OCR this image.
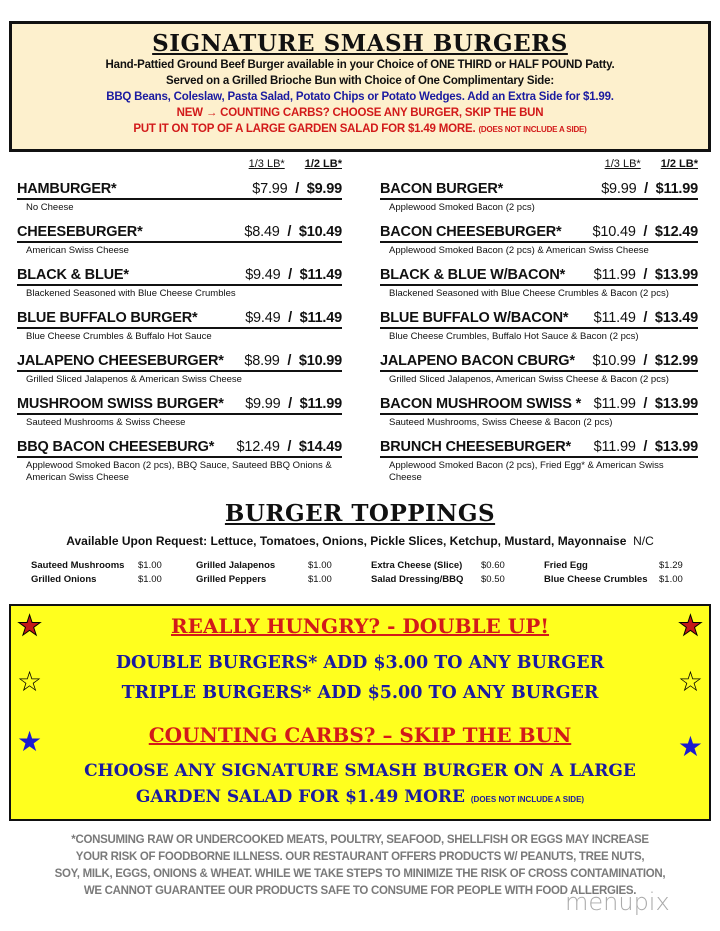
SIGNATURE SMASH BURGERS
Hand-Pattied Ground Beef Burger available in your Choice of ONE THIRD or HALF POUND Patty.
Served on a Grilled Brioche Bun with Choice of One Complimentary Side:
BBQ Beans, Coleslaw, Pasta Salad, Potato Chips or Potato Wedges. Add an Extra Side for $1.99.
NEW → COUNTING CARBS? CHOOSE ANY BURGER, SKIP THE BUN
PUT IT ON TOP OF A LARGE GARDEN SALAD FOR $1.49 MORE. (DOES NOT INCLUDE A SIDE)
1/3 LB* 1/2 LB*
HAMBURGER*	$7.99  /  $9.99
No Cheese
CHEESEBURGER*	$8.49  /  $10.49
American Swiss Cheese
BLACK & BLUE*	$9.49  /  $11.49
Blackened Seasoned with Blue Cheese Crumbles
BLUE BUFFALO BURGER*	$9.49  /  $11.49
Blue Cheese Crumbles & Buffalo Hot Sauce
JALAPENO CHEESEBURGER* $8.99  /  $10.99
Grilled Sliced Jalapenos & American Swiss Cheese
MUSHROOM SWISS BURGER* $9.99  /  $11.99
Sauteed Mushrooms & Swiss Cheese
BBQ BACON CHEESEBURG* $12.49  /  $14.49
Applewood Smoked Bacon (2 pcs), BBQ Sauce, Sauteed BBQ Onions & American Swiss Cheese
1/3 LB* 1/2 LB*
BACON BURGER*	$9.99  /  $11.99
Applewood Smoked Bacon (2 pcs)
BACON CHEESEBURGER* $10.49  /  $12.49
Applewood Smoked Bacon (2 pcs) & American Swiss Cheese
BLACK & BLUE W/BACON* $11.99  /  $13.99
Blackened Seasoned with Blue Cheese Crumbles & Bacon (2 pcs)
BLUE BUFFALO W/BACON* $11.49  /  $13.49
Blue Cheese Crumbles, Buffalo Hot Sauce & Bacon (2 pcs)
JALAPENO BACON CBURG* $10.99  /  $12.99
Grilled Sliced Jalapenos, American Swiss Cheese & Bacon (2 pcs)
BACON MUSHROOM SWISS * $11.99  /  $13.99
Sauteed Mushrooms, Swiss Cheese & Bacon (2 pcs)
BRUNCH CHEESEBURGER* $11.99  /  $13.99
Applewood Smoked Bacon (2 pcs), Fried Egg* & American Swiss Cheese
BURGER TOPPINGS
Available Upon Request: Lettuce, Tomatoes, Onions, Pickle Slices, Ketchup, Mustard, Mayonnaise N/C
Sauteed Mushrooms	$1.00	Grilled Jalapenos	$1.00	Extra Cheese (Slice)	$0.60	Fried Egg	$1.29
Grilled Onions	$1.00	Grilled Peppers	$1.00	Salad Dressing/BBQ	$0.50	Blue Cheese Crumbles	$1.00
REALLY HUNGRY? - DOUBLE UP!
DOUBLE BURGERS* ADD $3.00 TO ANY BURGER
TRIPLE BURGERS* ADD $5.00 TO ANY BURGER
COUNTING CARBS? – SKIP THE BUN
CHOOSE ANY SIGNATURE SMASH BURGER ON A LARGE
GARDEN SALAD FOR $1.49 MORE (DOES NOT INCLUDE A SIDE)
★	★
☆	☆
★	★
*CONSUMING RAW OR UNDERCOOKED MEATS, POULTRY, SEAFOOD, SHELLFISH OR EGGS MAY INCREASE
YOUR RISK OF FOODBORNE ILLNESS. OUR RESTAURANT OFFERS PRODUCTS W/ PEANUTS, TREE NUTS,
SOY, MILK, EGGS, ONIONS & WHEAT. WHILE WE TAKE STEPS TO MINIMIZE THE RISK OF CROSS CONTAMINATION,
WE CANNOT GUARANTEE OUR PRODUCTS SAFE TO CONSUME FOR PEOPLE WITH FOOD ALLERGIES.
menupix
